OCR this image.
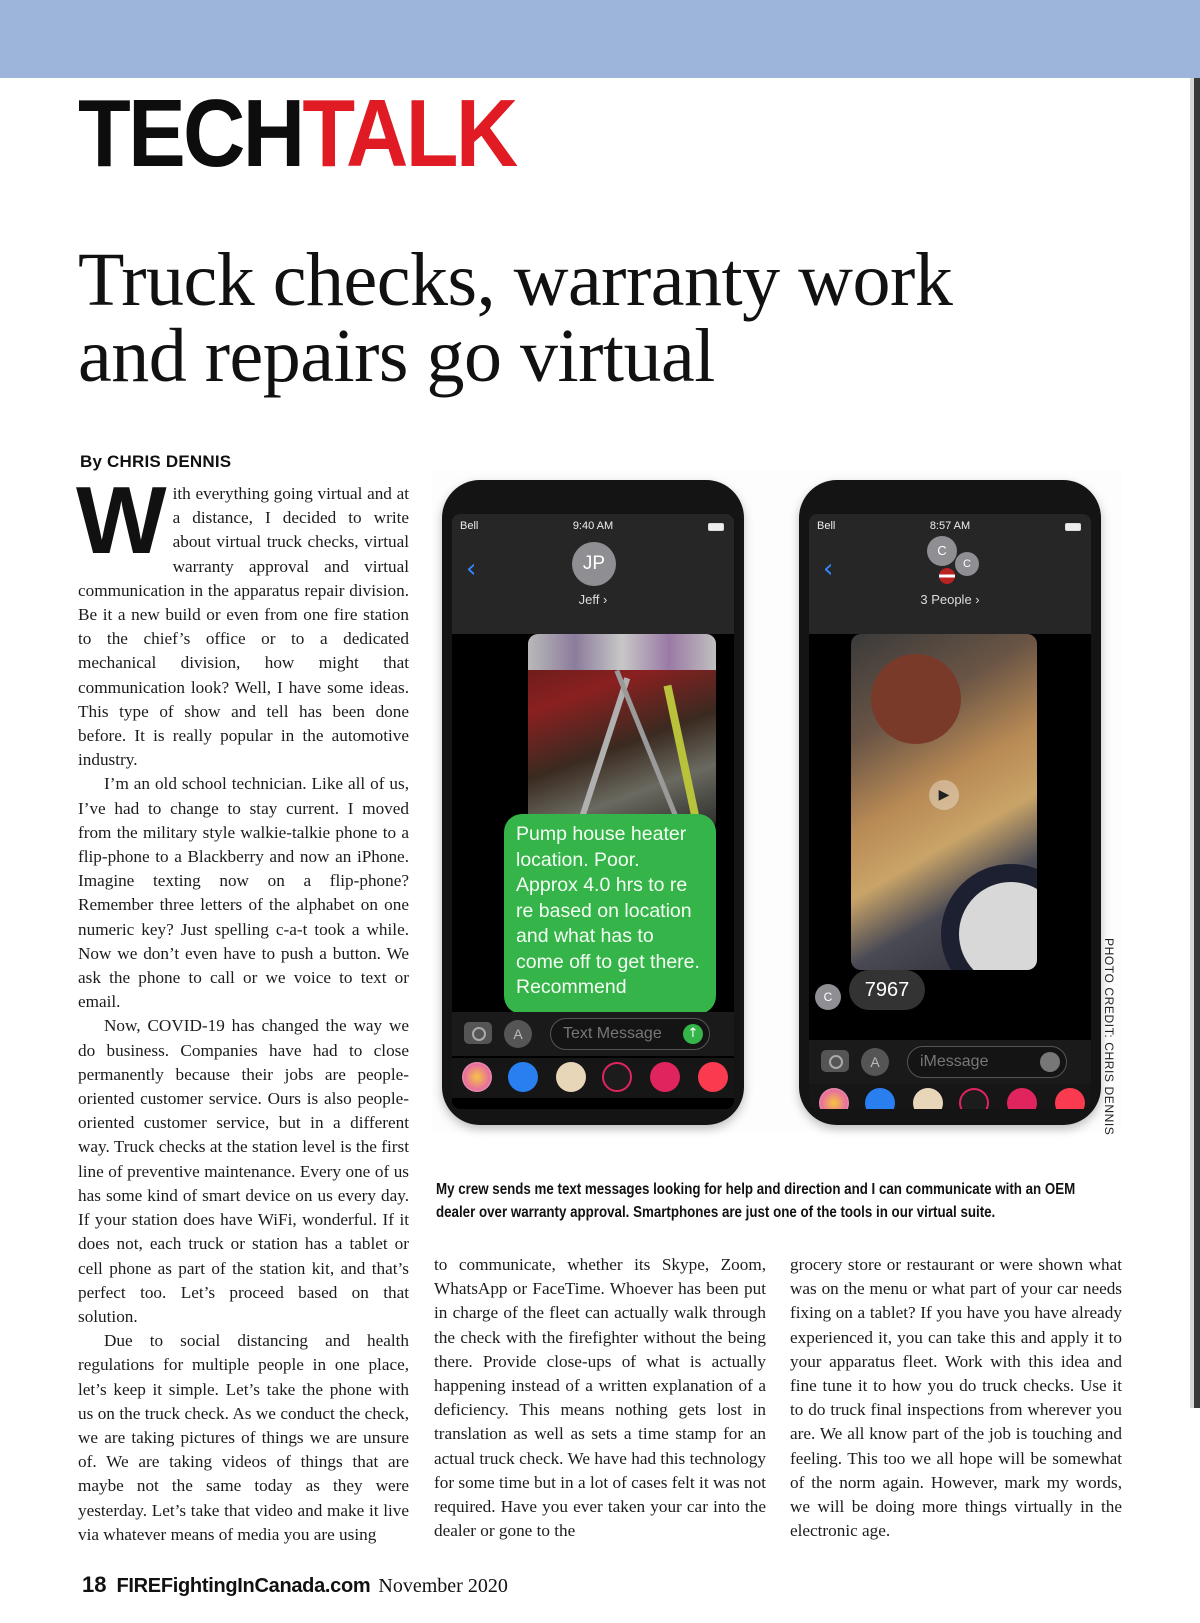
TECHTALK
Truck checks, warranty work
and repairs go virtual
By CHRIS DENNIS

With everything going virtual and at a distance, I decided to write about virtual truck checks, virtual warranty approval and virtual communication in the apparatus repair division. Be it a new build or even from one fire station to the chief’s office or to a dedicated mechanical division, how might that communication look? Well, I have some ideas. This type of show and tell has been done before. It is really popular in the automotive industry.

I’m an old school technician. Like all of us, I’ve had to change to stay current. I moved from the military style walkie-talkie phone to a flip-phone to a Blackberry and now an iPhone. Imagine texting now on a flip-phone? Remember three letters of the alphabet on one numeric key? Just spelling c-a-t took a while. Now we don’t even have to push a button. We ask the phone to call or we voice to text or email.

Now, COVID-19 has changed the way we do business. Companies have had to close permanently because their jobs are people-oriented customer service. Ours is also people-oriented customer service, but in a different way. Truck checks at the station level is the first line of preventive maintenance. Every one of us has some kind of smart device on us every day. If your station does have WiFi, wonderful. If it does not, each truck or station has a tablet or cell phone as part of the station kit, and that’s perfect too. Let’s proceed based on that solution.

Due to social distancing and health regulations for multiple people in one place, let’s keep it simple. Let’s take the phone with us on the truck check. As we conduct the check, we are taking pictures of things we are unsure of. We are taking videos of things that are maybe not the same today as they were yesterday. Let’s take that video and make it live via whatever means of media you are using

Bell	9:40 AM
‹	JP
Jeff ›
Pump house heater location. Poor. Approx 4.0 hrs to re re based on location and what has to come off to get there. Recommend
A	Text Message	↑
Bell	8:57 AM
‹
C
C
3 People ›
▶
C	7967
A	iMessage	PHOTO CREDIT: CHRIS DENNIS
My crew sends me text messages looking for help and direction and I can communicate with an OEM dealer over warranty approval. Smartphones are just one of the tools in our virtual suite.

to communicate, whether its Skype, Zoom, WhatsApp or FaceTime. Whoever has been put in charge of the fleet can actually walk through the check with the firefighter without the being there. Provide close-ups of what is actually happening instead of a written explanation of a deficiency. This means nothing gets lost in translation as well as sets a time stamp for an actual truck check. We have had this technology for some time but in a lot of cases felt it was not required. Have you ever taken your car into the dealer or gone to the

grocery store or restaurant or were shown what was on the menu or what part of your car needs fixing on a tablet? If you have you have already experienced it, you can take this and apply it to your apparatus fleet. Work with this idea and fine tune it to how you do truck checks. Use it to do truck final inspections from wherever you are. We all know part of the job is touching and feeling. This too we all hope will be somewhat of the norm again. However, mark my words, we will be doing more things virtually in the electronic age.

18 FIREFightingInCanada.com November 2020
